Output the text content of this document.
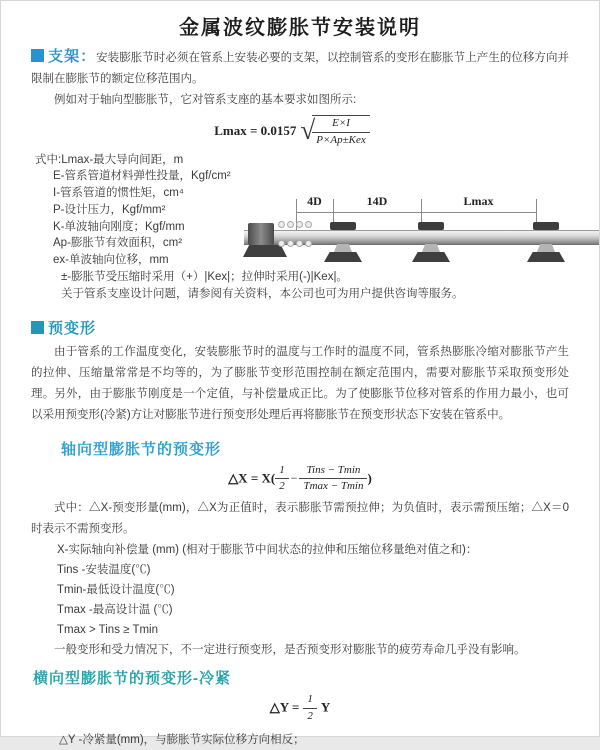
金属波纹膨胀节安装说明

支架：安装膨胀节时必须在管系上安装必要的支架，以控制管系的变形在膨胀节上产生的位移方向并限制在膨胀节的额定位移范围内。

例如对于轴向型膨胀节，它对管系支座的基本要求如图所示:

Lmax = 0.0157 √
$\frac{E\times I}{\text{P×Ap±Kex}}$
式中:Lmax-最大导向间距，m
E-管系管道材料弹性投量，Kgf/cm²
I-管系管道的惯性矩，cm⁴
P-设计压力，Kgf/mm²
K-单波轴向刚度；Kgf/mm
Ap-膨胀节有效面积，cm²
ex-单波轴向位移，mm
±-膨胀节受压缩时采用（+）|Kex|；拉伸时采用(-)|Kex|。
关于管系支座设计问题，请参阅有关资料，本公司也可为用户提供咨询等服务。
预变形

由于管系的工作温度变化，安装膨胀节时的温度与工作时的温度不同，管系热膨胀冷缩对膨胀节产生的拉伸、压缩量常常是不均等的，为了膨胀节变形范围控制在额定范围内，需要对膨胀节采取预变形处理。另外，由于膨胀节刚度是一个定值，与补偿量成正比。为了使膨胀节位移对管系的作用力最小，也可以采用预变形(冷紧)方让对膨胀节进行预变形处理后再将膨胀节在预变形状态下安装在管系中。

轴向型膨胀节的预变形
△X = $X( \frac{1}{2} - \frac{\text{Tins − Tmin}}{Tmax - Tmin}$ )

式中：△X-预变形量(mm)，△X为正值时，表示膨胀节需预拉伸；为负值时，表示需预压缩；△X＝0时表示不需预变形。

X-实际轴向补偿量 (mm) (相对于膨胀节中间状态的拉伸和压缩位移量绝对值之和)：
Tins -安装温度(℃)
Tmin-最低设计温度(℃)
Tmax -最高设计温 (℃)
Tmax > Tins ≥ Tmin

一般变形和受力情况下，不一定进行预变形，是否预变形对膨胀节的疲劳寿命几乎没有影响。

横向型膨胀节的预变形-冷紧
△Y = $\frac{1}{2}$ Y

△Y -冷紧量(mm)，与膨胀节实际位移方向相反；

4D	14D	Lmax
